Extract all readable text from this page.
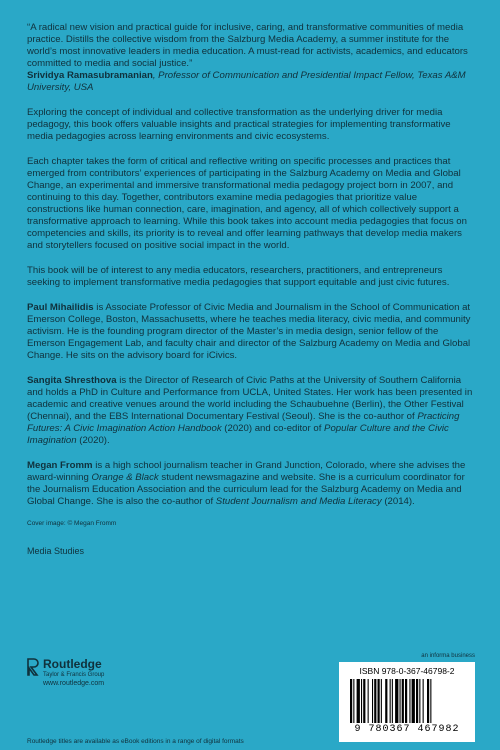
“A radical new vision and practical guide for inclusive, caring, and transformative communities of media practice. Distills the collective wisdom from the Salzburg Media Academy, a summer institute for the world’s most innovative leaders in media education. A must-read for activists, academics, and educators committed to media and social justice.”
Srividya Ramasubramanian, Professor of Communication and Presidential Impact Fellow, Texas A&M University, USA

Exploring the concept of individual and collective transformation as the underlying driver for media pedagogy, this book offers valuable insights and practical strategies for implementing transformative media pedagogies across learning environments and civic ecosystems.

Each chapter takes the form of critical and reflective writing on specific processes and practices that emerged from contributors’ experiences of participating in the Salzburg Academy on Media and Global Change, an experimental and immersive transformational media pedagogy project born in 2007, and continuing to this day. Together, contributors examine media pedagogies that prioritize value constructions like human connection, care, imagination, and agency, all of which collectively support a transformative approach to learning. While this book takes into account media pedagogies that focus on competencies and skills, its priority is to reveal and offer learning pathways that develop media makers and storytellers focused on positive social impact in the world.

This book will be of interest to any media educators, researchers, practitioners, and entrepreneurs seeking to implement transformative media pedagogies that support equitable and just civic futures.

Paul Mihailidis is Associate Professor of Civic Media and Journalism in the School of Communication at Emerson College, Boston, Massachusetts, where he teaches media literacy, civic media, and community activism. He is the founding program director of the Master’s in media design, senior fellow of the Emerson Engagement Lab, and faculty chair and director of the Salzburg Academy on Media and Global Change. He sits on the advisory board for iCivics.

Sangita Shresthova is the Director of Research of Civic Paths at the University of Southern California and holds a PhD in Culture and Performance from UCLA, United States. Her work has been presented in academic and creative venues around the world including the Schaubuehne (Berlin), the Other Festival (Chennai), and the EBS International Documentary Festival (Seoul). She is the co-author of Practicing Futures: A Civic Imagination Action Handbook (2020) and co-editor of Popular Culture and the Civic Imagination (2020).

Megan Fromm is a high school journalism teacher in Grand Junction, Colorado, where she advises the award-winning Orange & Black student newsmagazine and website. She is a curriculum coordinator for the Journalism Education Association and the curriculum lead for the Salzburg Academy on Media and Global Change. She is also the co-author of Student Journalism and Media Literacy (2014).

Cover image: © Megan Fromm

Media Studies

Routledge
Taylor & Francis Group
www.routledge.com
an informa business
ISBN 978-0-367-46798-2
9 780367 467982
Routledge titles are available as eBook editions in a range of digital formats
